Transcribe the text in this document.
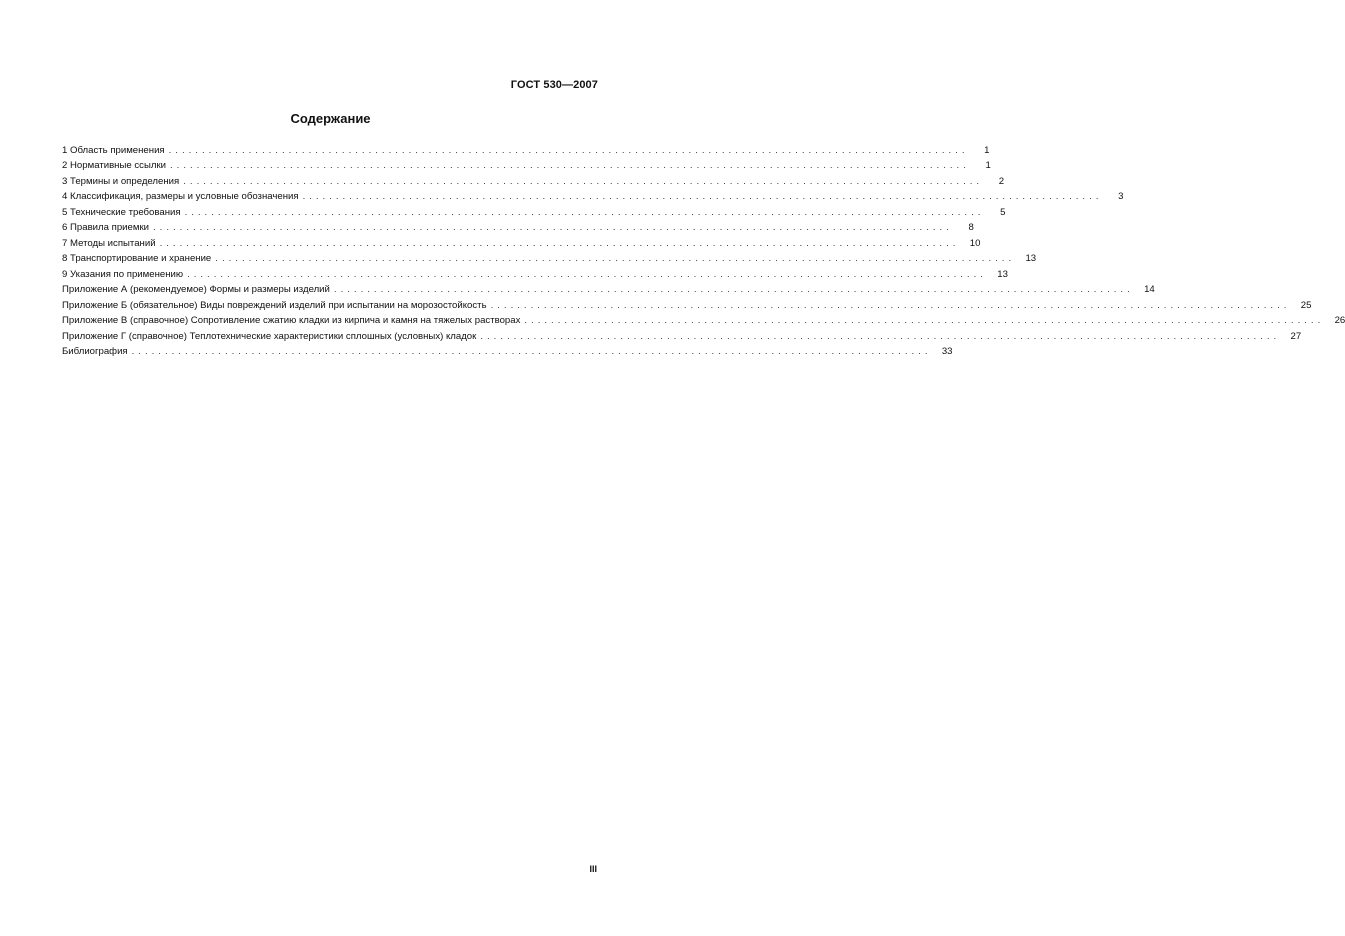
ГОСТ 530—2007
Содержание
1 Область применения ........................................................................................................................	1
2 Нормативные ссылки ........................................................................................................................	1
3 Термины и определения ........................................................................................................................	2
4 Классификация, размеры и условные обозначения ........................................................................................................................	3
5 Технические требования ........................................................................................................................	5
6 Правила приемки ........................................................................................................................	8
7 Методы испытаний ........................................................................................................................	10
8 Транспортирование и хранение ........................................................................................................................	13
9 Указания по применению ........................................................................................................................	13
Приложение А (рекомендуемое) Формы и размеры изделий ........................................................................................................................	14
Приложение Б (обязательное) Виды повреждений изделий при испытании на морозостойкость ........................................................................................................................	25
Приложение В (справочное) Сопротивление сжатию кладки из кирпича и камня на тяжелых растворах ........................................................................................................................	26
Приложение Г (справочное) Теплотехнические характеристики сплошных (условных) кладок ........................................................................................................................	27
Библиография ........................................................................................................................	33
III
